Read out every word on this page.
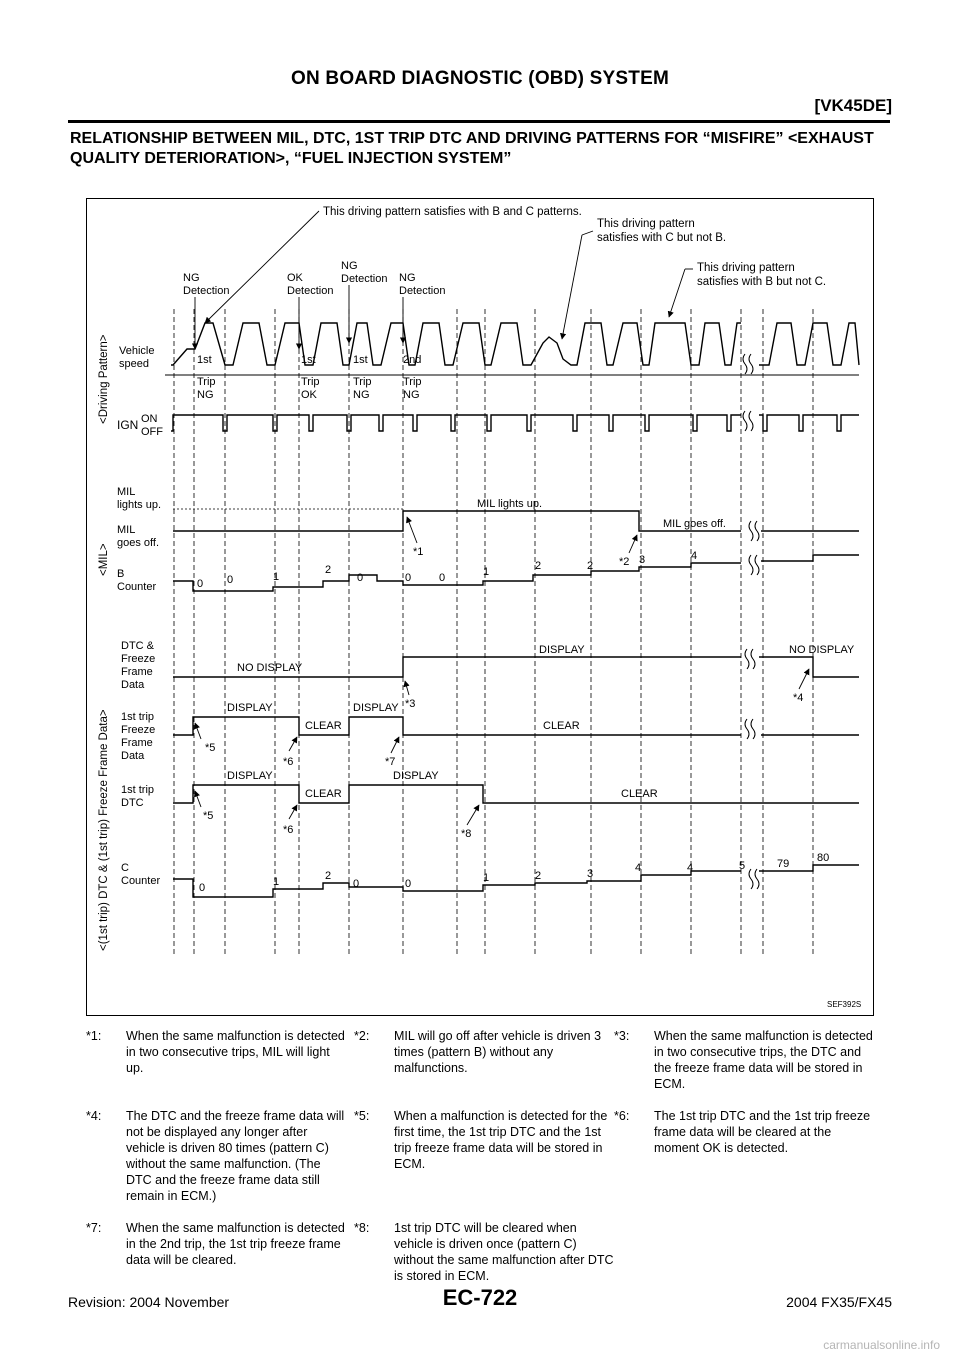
ON BOARD DIAGNOSTIC (OBD) SYSTEM
[VK45DE]
RELATIONSHIP BETWEEN MIL, DTC, 1ST TRIP DTC AND DRIVING PATTERNS FOR “MISFIRE” <EXHAUST QUALITY DETERIORATION>, “FUEL INJECTION SYSTEM”
<Driving Pattern>
<MIL>
<(1st trip) DTC & (1st trip) Freeze Frame Data>
Vehicle
speed
IGN ON
OFF
MIL
lights up.
MIL
goes off.
B
Counter
DTC &
Freeze
Frame
Data
1st trip
Freeze
Frame
Data
1st trip
DTC
C
Counter
NG
Detection
OK
Detection
NG
Detection NG
Detection
This driving pattern satisfies with B and C patterns.
This driving pattern
satisfies with C but not B.
This driving pattern
satisfies with B but not C.
1st
Trip
NG
1st
Trip
OK
1st
Trip
NG
2nd
Trip
NG
MIL lights up.
MIL goes off.
*1
*2
0 0	1
2
0	0	0	1	2	2	3	4
NO DISPLAY
DISPLAY	NO DISPLAY
*3	*4
DISPLAY
CLEAR
DISPLAY
CLEAR
*5
*6	*7
DISPLAY
CLEAR
DISPLAY
CLEAR
*5
*6	*8
0	1	2
0	0	1	2	3	4	4	5	79	80
SEF392S
*1: When the same malfunction is detected in two consecutive trips, MIL will light up.
*2: MIL will go off after vehicle is driven 3 times (pattern B) without any malfunctions.
*3: When the same malfunction is detected in two consecutive trips, the DTC and the freeze frame data will be stored in ECM.
*4: The DTC and the freeze frame data will not be displayed any longer after vehicle is driven 80 times (pattern C) without the same malfunction. (The DTC and the freeze frame data still remain in ECM.)
*5: When a malfunction is detected for the first time, the 1st trip DTC and the 1st trip freeze frame data will be stored in ECM.
*6: The 1st trip DTC and the 1st trip freeze frame data will be cleared at the moment OK is detected.
*7: When the same malfunction is detected in the 2nd trip, the 1st trip freeze frame data will be cleared.
*8: 1st trip DTC will be cleared when vehicle is driven once (pattern C) without the same malfunction after DTC is stored in ECM.
Revision: 2004 November	EC-722	2004 FX35/FX45
carmanualsonline.info
